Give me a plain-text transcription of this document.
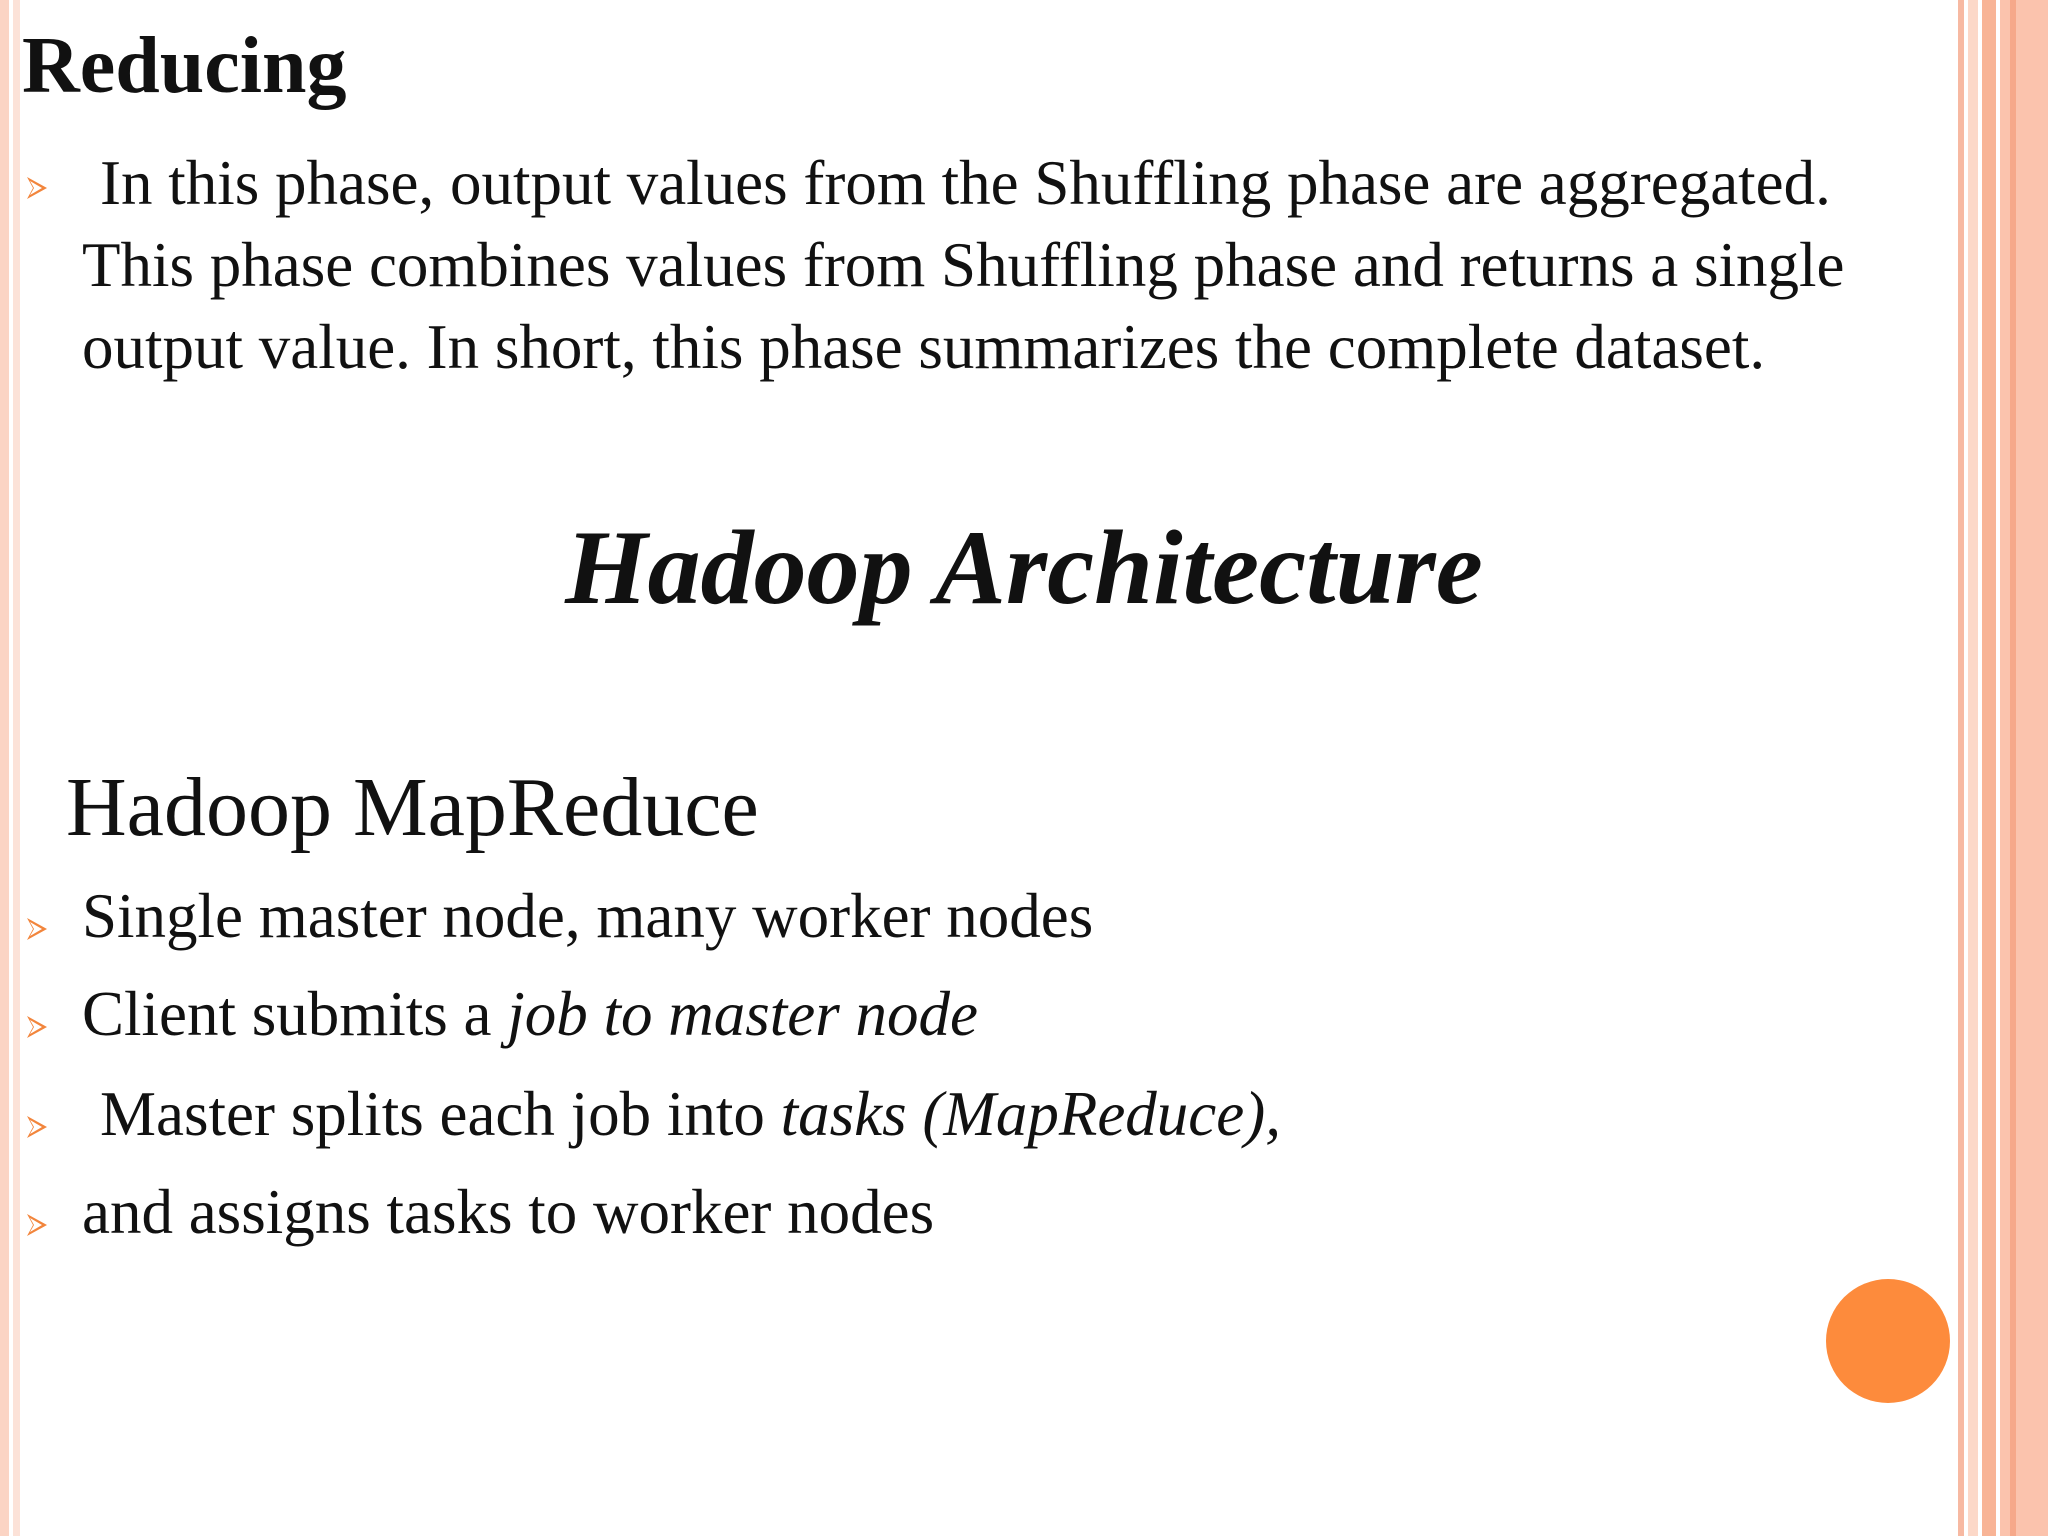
Reducing

In this phase, output values from the Shuffling phase are aggregated.
This phase combines values from Shuffling phase and returns a single
output value. In short, this phase summarizes the complete dataset.

Hadoop Architecture
Hadoop MapReduce
Single master node, many worker nodes
Client submits a job to master node
Master splits each job into tasks (MapReduce),
and assigns tasks to worker nodes
